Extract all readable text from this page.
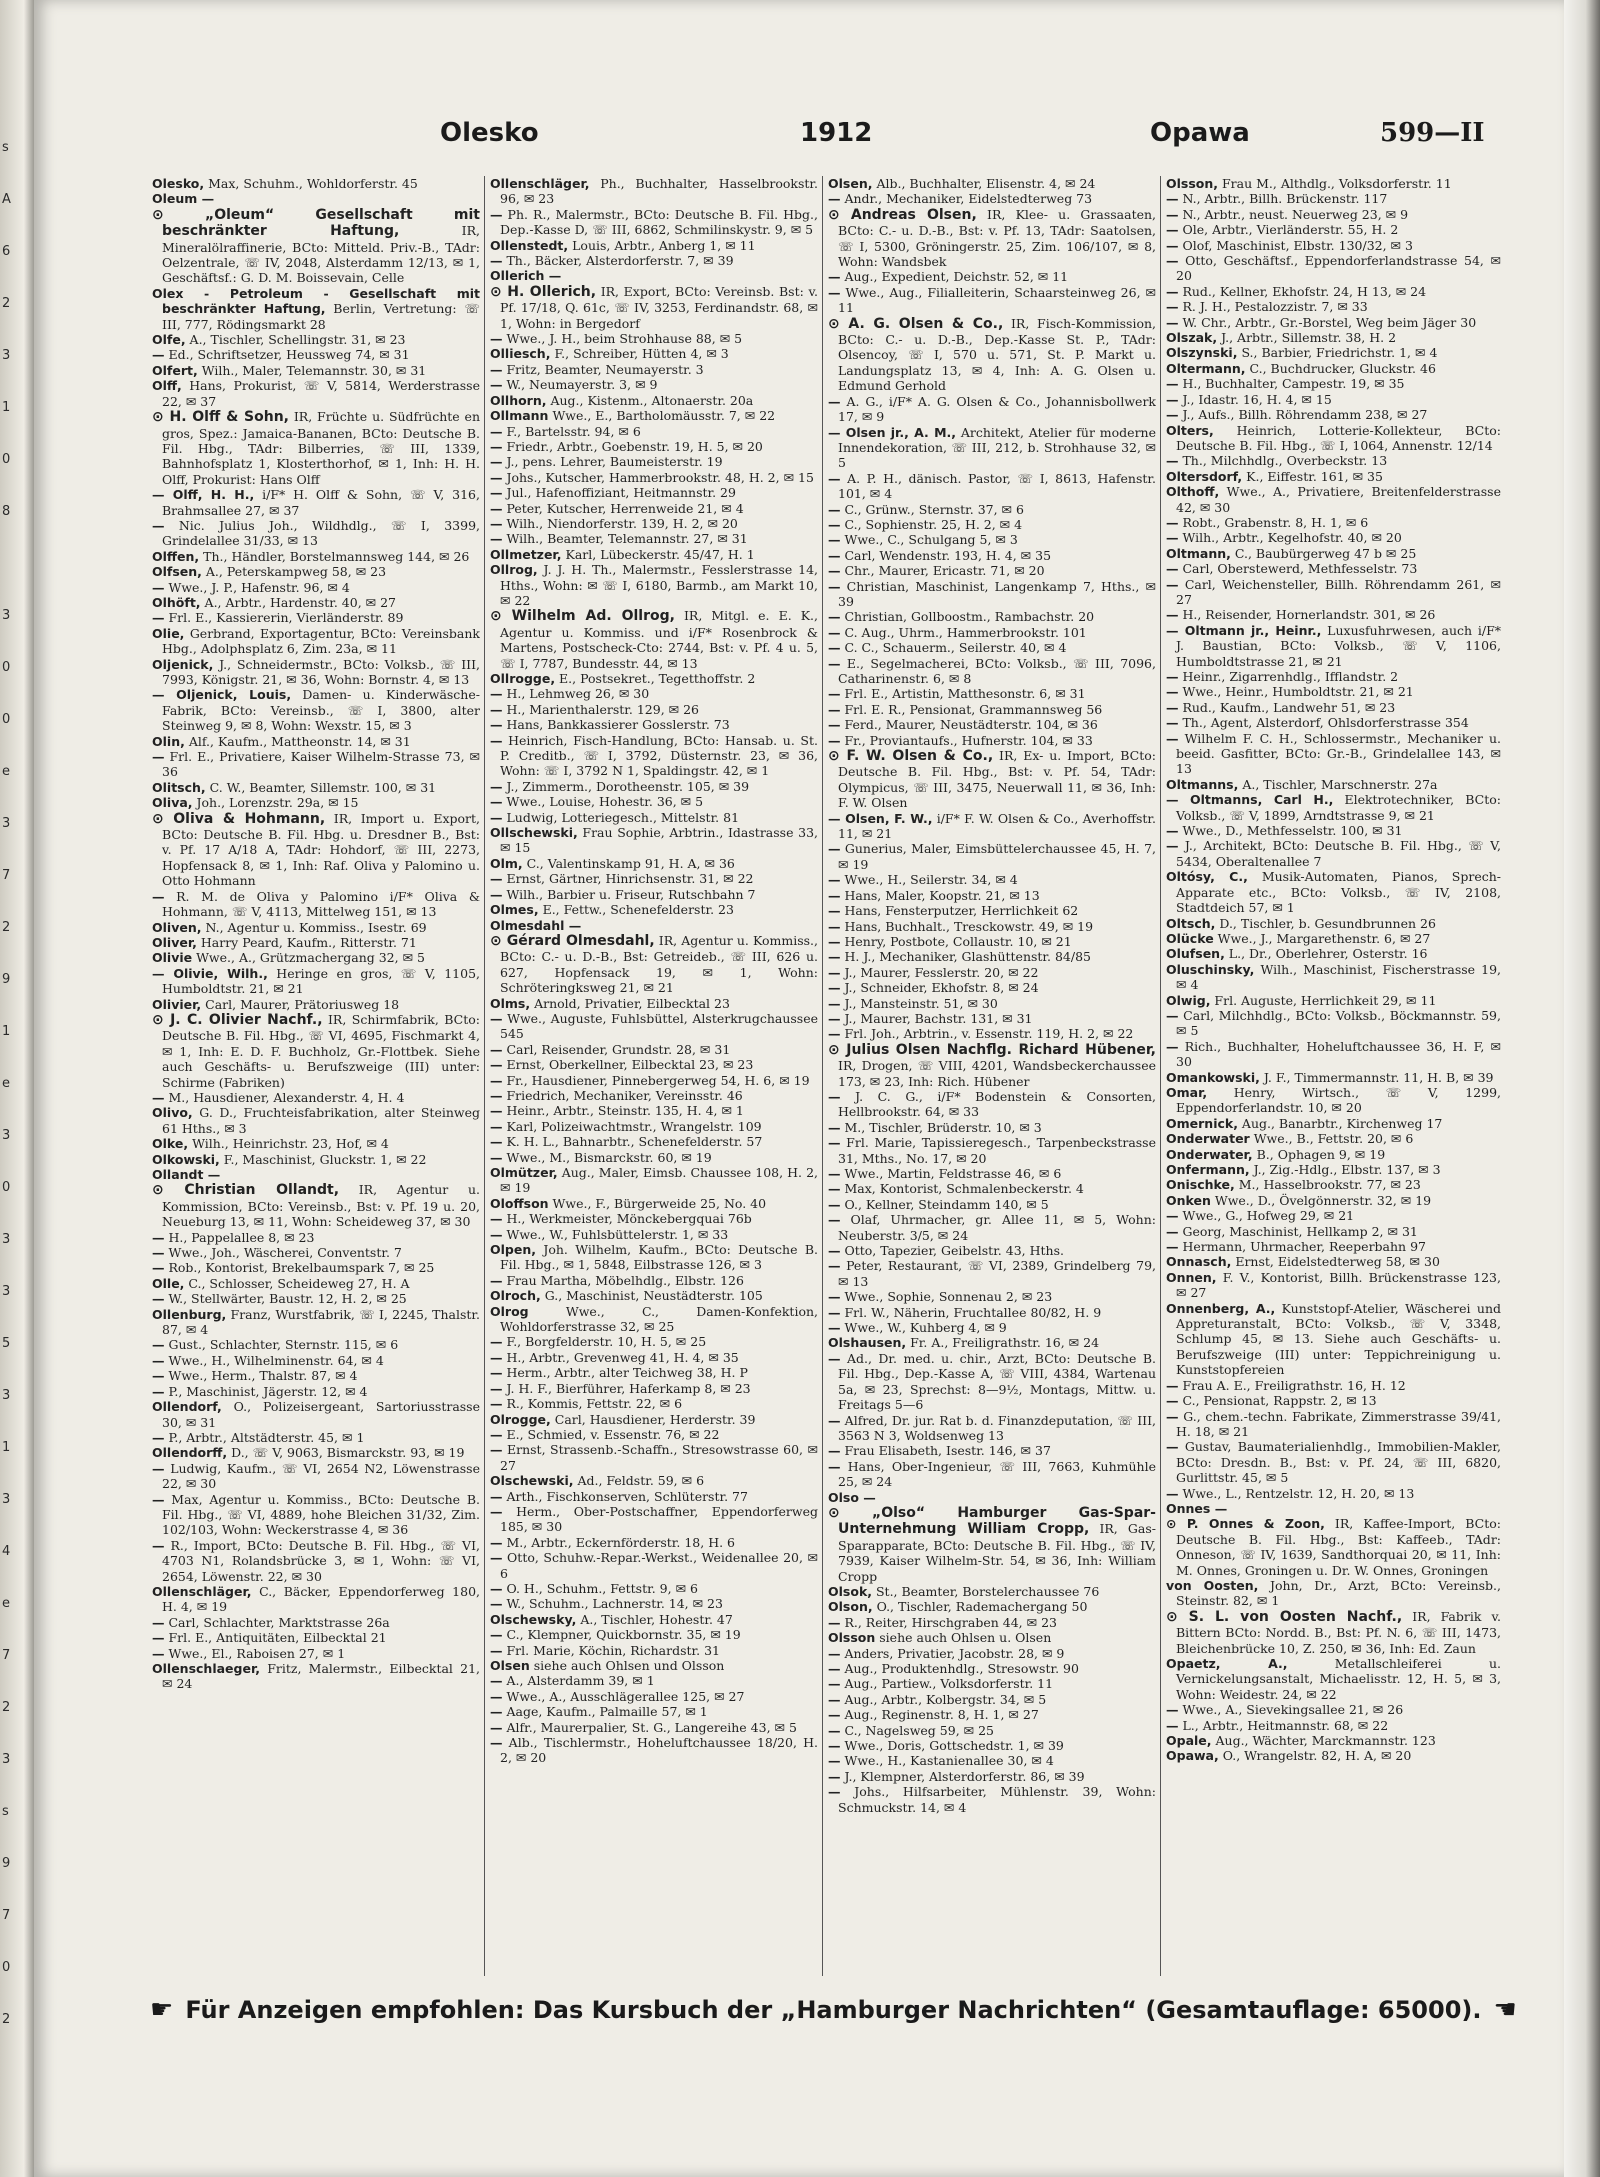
s
A
6
2
3
1
0
8
3
0
0
e
3
7
2
9
1
e
3
0
3
3
5
3
1
3
4
e
7
2
3
s
9
7
0
2
Olesko	1912	Opawa	599—II

Olesko, Max, Schuhm., Wohldorferstr. 45

Oleum —

⊙ „Oleum“ Gesellschaft mit beschränkter Haftung, IR, Mineralölraffinerie, BCto: Mitteld. Priv.-B., TAdr: Oelzentrale, ☏ IV, 2048, Alsterdamm 12/13, ✉ 1, Geschäftsf.: G. D. M. Boissevain, Celle

Olex - Petroleum - Gesellschaft mit beschränkter Haftung, Berlin, Vertretung: ☏ III, 777, Rödingsmarkt 28

Olfe, A., Tischler, Schellingstr. 31, ✉ 23

— Ed., Schriftsetzer, Heussweg 74, ✉ 31

Olfert, Wilh., Maler, Telemannstr. 30, ✉ 31

Olff, Hans, Prokurist, ☏ V, 5814, Werderstrasse 22, ✉ 37

⊙ H. Olff & Sohn, IR, Früchte u. Südfrüchte en gros, Spez.: Jamaica-Bananen, BCto: Deutsche B. Fil. Hbg., TAdr: Bilberries, ☏ III, 1339, Bahnhofsplatz 1, Klosterthorhof, ✉ 1, Inh: H. H. Olff, Prokurist: Hans Olff

— Olff, H. H., i/F* H. Olff & Sohn, ☏ V, 316, Brahmsallee 27, ✉ 37

— Nic. Julius Joh., Wildhdlg., ☏ I, 3399, Grindelallee 31/33, ✉ 13

Olffen, Th., Händler, Borstelmannsweg 144, ✉ 26

Olfsen, A., Peterskampweg 58, ✉ 23

— Wwe., J. P., Hafenstr. 96, ✉ 4

Olhöft, A., Arbtr., Hardenstr. 40, ✉ 27

— Frl. E., Kassiererin, Vierländerstr. 89

Olie, Gerbrand, Exportagentur, BCto: Vereinsbank Hbg., Adolphsplatz 6, Zim. 23a, ✉ 11

Oljenick, J., Schneidermstr., BCto: Volksb., ☏ III, 7993, Königstr. 21, ✉ 36, Wohn: Bornstr. 4, ✉ 13

— Oljenick, Louis, Damen- u. Kinderwäsche-Fabrik, BCto: Vereinsb., ☏ I, 3800, alter Steinweg 9, ✉ 8, Wohn: Wexstr. 15, ✉ 3

Olin, Alf., Kaufm., Mattheonstr. 14, ✉ 31

— Frl. E., Privatiere, Kaiser Wilhelm-Strasse 73, ✉ 36

Olitsch, C. W., Beamter, Sillemstr. 100, ✉ 31

Oliva, Joh., Lorenzstr. 29a, ✉ 15

⊙ Oliva & Hohmann, IR, Import u. Export, BCto: Deutsche B. Fil. Hbg. u. Dresdner B., Bst: v. Pf. 17 A/18 A, TAdr: Hohdorf, ☏ III, 2273, Hopfensack 8, ✉ 1, Inh: Raf. Oliva y Palomino u. Otto Hohmann

— R. M. de Oliva y Palomino i/F* Oliva & Hohmann, ☏ V, 4113, Mittelweg 151, ✉ 13

Oliven, N., Agentur u. Kommiss., Isestr. 69

Oliver, Harry Peard, Kaufm., Ritterstr. 71

Olivie Wwe., A., Grützmachergang 32, ✉ 5

— Olivie, Wilh., Heringe en gros, ☏ V, 1105, Humboldtstr. 21, ✉ 21

Olivier, Carl, Maurer, Prätoriusweg 18

⊙ J. C. Olivier Nachf., IR, Schirmfabrik, BCto: Deutsche B. Fil. Hbg., ☏ VI, 4695, Fischmarkt 4, ✉ 1, Inh: E. D. F. Buchholz, Gr.-Flottbek. Siehe auch Geschäfts- u. Berufszweige (III) unter: Schirme (Fabriken)

— M., Hausdiener, Alexanderstr. 4, H. 4

Olivo, G. D., Fruchteisfabrikation, alter Steinweg 61 Hths., ✉ 3

Olke, Wilh., Heinrichstr. 23, Hof, ✉ 4

Olkowski, F., Maschinist, Gluckstr. 1, ✉ 22

Ollandt —

⊙ Christian Ollandt, IR, Agentur u. Kommission, BCto: Vereinsb., Bst: v. Pf. 19 u. 20, Neueburg 13, ✉ 11, Wohn: Scheideweg 37, ✉ 30

— H., Pappelallee 8, ✉ 23

— Wwe., Joh., Wäscherei, Conventstr. 7

— Rob., Kontorist, Brekelbaumspark 7, ✉ 25

Olle, C., Schlosser, Scheideweg 27, H. A

— W., Stellwärter, Baustr. 12, H. 2, ✉ 25

Ollenburg, Franz, Wurstfabrik, ☏ I, 2245, Thalstr. 87, ✉ 4

— Gust., Schlachter, Sternstr. 115, ✉ 6

— Wwe., H., Wilhelminenstr. 64, ✉ 4

— Wwe., Herm., Thalstr. 87, ✉ 4

— P., Maschinist, Jägerstr. 12, ✉ 4

Ollendorf, O., Polizeisergeant, Sartoriusstrasse 30, ✉ 31

— P., Arbtr., Altstädterstr. 45, ✉ 1

Ollendorff, D., ☏ V, 9063, Bismarckstr. 93, ✉ 19

— Ludwig, Kaufm., ☏ VI, 2654 N2, Löwenstrasse 22, ✉ 30

— Max, Agentur u. Kommiss., BCto: Deutsche B. Fil. Hbg., ☏ VI, 4889, hohe Bleichen 31/32, Zim. 102/103, Wohn: Weckerstrasse 4, ✉ 36

— R., Import, BCto: Deutsche B. Fil. Hbg., ☏ VI, 4703 N1, Rolandsbrücke 3, ✉ 1, Wohn: ☏ VI, 2654, Löwenstr. 22, ✉ 30

Ollenschläger, C., Bäcker, Eppendorferweg 180, H. 4, ✉ 19

— Carl, Schlachter, Marktstrasse 26a

— Frl. E., Antiquitäten, Eilbecktal 21

— Wwe., El., Raboisen 27, ✉ 1

Ollenschlaeger, Fritz, Malermstr., Eilbecktal 21, ✉ 24

Ollenschläger, Ph., Buchhalter, Hasselbrookstr. 96, ✉ 23

— Ph. R., Malermstr., BCto: Deutsche B. Fil. Hbg., Dep.-Kasse D, ☏ III, 6862, Schmilinskystr. 9, ✉ 5

Ollenstedt, Louis, Arbtr., Anberg 1, ✉ 11

— Th., Bäcker, Alsterdorferstr. 7, ✉ 39

Ollerich —

⊙ H. Ollerich, IR, Export, BCto: Vereinsb. Bst: v. Pf. 17/18, Q. 61c, ☏ IV, 3253, Ferdinandstr. 68, ✉ 1, Wohn: in Bergedorf

— Wwe., J. H., beim Strohhause 88, ✉ 5

Olliesch, F., Schreiber, Hütten 4, ✉ 3

— Fritz, Beamter, Neumayerstr. 3

— W., Neumayerstr. 3, ✉ 9

Ollhorn, Aug., Kistenm., Altonaerstr. 20a

Ollmann Wwe., E., Bartholomäusstr. 7, ✉ 22

— F., Bartelsstr. 94, ✉ 6

— Friedr., Arbtr., Goebenstr. 19, H. 5, ✉ 20

— J., pens. Lehrer, Baumeisterstr. 19

— Johs., Kutscher, Hammerbrookstr. 48, H. 2, ✉ 15

— Jul., Hafenoffiziant, Heitmannstr. 29

— Peter, Kutscher, Herrenweide 21, ✉ 4

— Wilh., Niendorferstr. 139, H. 2, ✉ 20

— Wilh., Beamter, Telemannstr. 27, ✉ 31

Ollmetzer, Karl, Lübeckerstr. 45/47, H. 1

Ollrog, J. J. H. Th., Malermstr., Fesslerstrasse 14, Hths., Wohn: ✉ ☏ I, 6180, Barmb., am Markt 10, ✉ 22

⊙ Wilhelm Ad. Ollrog, IR, Mitgl. e. E. K., Agentur u. Kommiss. und i/F* Rosenbrock & Martens, Postscheck-Cto: 2744, Bst: v. Pf. 4 u. 5, ☏ I, 7787, Bundesstr. 44, ✉ 13

Ollrogge, E., Postsekret., Tegetthoffstr. 2

— H., Lehmweg 26, ✉ 30

— H., Marienthalerstr. 129, ✉ 26

— Hans, Bankkassierer Gosslerstr. 73

— Heinrich, Fisch-Handlung, BCto: Hansab. u. St. P. Creditb., ☏ I, 3792, Düsternstr. 23, ✉ 36, Wohn: ☏ I, 3792 N 1, Spaldingstr. 42, ✉ 1

— J., Zimmerm., Dorotheenstr. 105, ✉ 39

— Wwe., Louise, Hohestr. 36, ✉ 5

— Ludwig, Lotteriegesch., Mittelstr. 81

Ollschewski, Frau Sophie, Arbtrin., Idastrasse 33, ✉ 15

Olm, C., Valentinskamp 91, H. A, ✉ 36

— Ernst, Gärtner, Hinrichsenstr. 31, ✉ 22

— Wilh., Barbier u. Friseur, Rutschbahn 7

Olmes, E., Fettw., Schenefelderstr. 23

Olmesdahl —

⊙ Gérard Olmesdahl, IR, Agentur u. Kommiss., BCto: C.- u. D.-B., Bst: Getreideb., ☏ III, 626 u. 627, Hopfensack 19, ✉ 1, Wohn: Schröteringksweg 21, ✉ 21

Olms, Arnold, Privatier, Eilbecktal 23

— Wwe., Auguste, Fuhlsbüttel, Alsterkrugchaussee 545

— Carl, Reisender, Grundstr. 28, ✉ 31

— Ernst, Oberkellner, Eilbecktal 23, ✉ 23

— Fr., Hausdiener, Pinnebergerweg 54, H. 6, ✉ 19

— Friedrich, Mechaniker, Vereinsstr. 46

— Heinr., Arbtr., Steinstr. 135, H. 4, ✉ 1

— Karl, Polizeiwachtmstr., Wrangelstr. 109

— K. H. L., Bahnarbtr., Schenefelderstr. 57

— Wwe., M., Bismarckstr. 60, ✉ 19

Olmützer, Aug., Maler, Eimsb. Chaussee 108, H. 2, ✉ 19

Oloffson Wwe., F., Bürgerweide 25, No. 40

— H., Werkmeister, Mönckebergquai 76b

— Wwe., W., Fuhlsbüttelerstr. 1, ✉ 33

Olpen, Joh. Wilhelm, Kaufm., BCto: Deutsche B. Fil. Hbg., ✉ 1, 5848, Eilbstrasse 126, ✉ 3

— Frau Martha, Möbelhdlg., Elbstr. 126

Olroch, G., Maschinist, Neustädterstr. 105

Olrog Wwe., C., Damen-Konfektion, Wohldorferstrasse 32, ✉ 25

— F., Borgfelderstr. 10, H. 5, ✉ 25

— H., Arbtr., Grevenweg 41, H. 4, ✉ 35

— Herm., Arbtr., alter Teichweg 38, H. P

— J. H. F., Bierführer, Haferkamp 8, ✉ 23

— R., Kommis, Fettstr. 22, ✉ 6

Olrogge, Carl, Hausdiener, Herderstr. 39

— E., Schmied, v. Essenstr. 76, ✉ 22

— Ernst, Strassenb.-Schaffn., Stresowstrasse 60, ✉ 27

Olschewski, Ad., Feldstr. 59, ✉ 6

— Arth., Fischkonserven, Schlüterstr. 77

— Herm., Ober-Postschaffner, Eppendorferweg 185, ✉ 30

— M., Arbtr., Eckernförderstr. 18, H. 6

— Otto, Schuhw.-Repar.-Werkst., Weidenallee 20, ✉ 6

— O. H., Schuhm., Fettstr. 9, ✉ 6

— W., Schuhm., Lachnerstr. 14, ✉ 23

Olschewsky, A., Tischler, Hohestr. 47

— C., Klempner, Quickbornstr. 35, ✉ 19

— Frl. Marie, Köchin, Richardstr. 31

Olsen siehe auch Ohlsen und Olsson

— A., Alsterdamm 39, ✉ 1

— Wwe., A., Ausschlägerallee 125, ✉ 27

— Aage, Kaufm., Palmaille 57, ✉ 1

— Alfr., Maurerpalier, St. G., Langereihe 43, ✉ 5

— Alb., Tischlermstr., Hoheluftchaussee 18/20, H. 2, ✉ 20

Olsen, Alb., Buchhalter, Elisenstr. 4, ✉ 24

— Andr., Mechaniker, Eidelstedterweg 73

⊙ Andreas Olsen, IR, Klee- u. Grassaaten, BCto: C.- u. D.-B., Bst: v. Pf. 13, TAdr: Saatolsen, ☏ I, 5300, Gröningerstr. 25, Zim. 106/107, ✉ 8, Wohn: Wandsbek

— Aug., Expedient, Deichstr. 52, ✉ 11

— Wwe., Aug., Filialleiterin, Schaarsteinweg 26, ✉ 11

⊙ A. G. Olsen & Co., IR, Fisch-Kommission, BCto: C.- u. D.-B., Dep.-Kasse St. P., TAdr: Olsencoy, ☏ I, 570 u. 571, St. P. Markt u. Landungsplatz 13, ✉ 4, Inh: A. G. Olsen u. Edmund Gerhold

— A. G., i/F* A. G. Olsen & Co., Johannisbollwerk 17, ✉ 9

— Olsen jr., A. M., Architekt, Atelier für moderne Innendekoration, ☏ III, 212, b. Strohhause 32, ✉ 5

— A. P. H., dänisch. Pastor, ☏ I, 8613, Hafenstr. 101, ✉ 4

— C., Grünw., Sternstr. 37, ✉ 6

— C., Sophienstr. 25, H. 2, ✉ 4

— Wwe., C., Schulgang 5, ✉ 3

— Carl, Wendenstr. 193, H. 4, ✉ 35

— Chr., Maurer, Ericastr. 71, ✉ 20

— Christian, Maschinist, Langenkamp 7, Hths., ✉ 39

— Christian, Gollboostm., Rambachstr. 20

— C. Aug., Uhrm., Hammerbrookstr. 101

— C. C., Schauerm., Seilerstr. 40, ✉ 4

— E., Segelmacherei, BCto: Volksb., ☏ III, 7096, Catharinenstr. 6, ✉ 8

— Frl. E., Artistin, Matthesonstr. 6, ✉ 31

— Frl. E. R., Pensionat, Grammannsweg 56

— Ferd., Maurer, Neustädterstr. 104, ✉ 36

— Fr., Proviantaufs., Hufnerstr. 104, ✉ 33

⊙ F. W. Olsen & Co., IR, Ex- u. Import, BCto: Deutsche B. Fil. Hbg., Bst: v. Pf. 54, TAdr: Olympicus, ☏ III, 3475, Neuerwall 11, ✉ 36, Inh: F. W. Olsen

— Olsen, F. W., i/F* F. W. Olsen & Co., Averhoffstr. 11, ✉ 21

— Gunerius, Maler, Eimsbüttelerchaussee 45, H. 7, ✉ 19

— Wwe., H., Seilerstr. 34, ✉ 4

— Hans, Maler, Koopstr. 21, ✉ 13

— Hans, Fensterputzer, Herrlichkeit 62

— Hans, Buchhalt., Tresckowstr. 49, ✉ 19

— Henry, Postbote, Collaustr. 10, ✉ 21

— H. J., Mechaniker, Glashüttenstr. 84/85

— J., Maurer, Fesslerstr. 20, ✉ 22

— J., Schneider, Ekhofstr. 8, ✉ 24

— J., Mansteinstr. 51, ✉ 30

— J., Maurer, Bachstr. 131, ✉ 31

— Frl. Joh., Arbtrin., v. Essenstr. 119, H. 2, ✉ 22

⊙ Julius Olsen Nachflg. Richard Hübener, IR, Drogen, ☏ VIII, 4201, Wandsbeckerchaussee 173, ✉ 23, Inh: Rich. Hübener

— J. C. G., i/F* Bodenstein & Consorten, Hellbrookstr. 64, ✉ 33

— M., Tischler, Brüderstr. 10, ✉ 3

— Frl. Marie, Tapissieregesch., Tarpenbeckstrasse 31, Mths., No. 17, ✉ 20

— Wwe., Martin, Feldstrasse 46, ✉ 6

— Max, Kontorist, Schmalenbeckerstr. 4

— O., Kellner, Steindamm 140, ✉ 5

— Olaf, Uhrmacher, gr. Allee 11, ✉ 5, Wohn: Neuberstr. 3/5, ✉ 24

— Otto, Tapezier, Geibelstr. 43, Hths.

— Peter, Restaurant, ☏ VI, 2389, Grindelberg 79, ✉ 13

— Wwe., Sophie, Sonnenau 2, ✉ 23

— Frl. W., Näherin, Fruchtallee 80/82, H. 9

— Wwe., W., Kuhberg 4, ✉ 9

Olshausen, Fr. A., Freiligrathstr. 16, ✉ 24

— Ad., Dr. med. u. chir., Arzt, BCto: Deutsche B. Fil. Hbg., Dep.-Kasse A, ☏ VIII, 4384, Wartenau 5a, ✉ 23, Sprechst: 8—9½, Montags, Mittw. u. Freitags 5—6

— Alfred, Dr. jur. Rat b. d. Finanzdeputation, ☏ III, 3563 N 3, Woldsenweg 13

— Frau Elisabeth, Isestr. 146, ✉ 37

— Hans, Ober-Ingenieur, ☏ III, 7663, Kuhmühle 25, ✉ 24

Olso —

⊙ „Olso“ Hamburger Gas-Spar-Unternehmung William Cropp, IR, Gas-Sparapparate, BCto: Deutsche B. Fil. Hbg., ☏ IV, 7939, Kaiser Wilhelm-Str. 54, ✉ 36, Inh: William Cropp

Olsok, St., Beamter, Borstelerchaussee 76

Olson, O., Tischler, Rademachergang 50

— R., Reiter, Hirschgraben 44, ✉ 23

Olsson siehe auch Ohlsen u. Olsen

— Anders, Privatier, Jacobstr. 28, ✉ 9

— Aug., Produktenhdlg., Stresowstr. 90

— Aug., Partiew., Volksdorferstr. 11

— Aug., Arbtr., Kolbergstr. 34, ✉ 5

— Aug., Reginenstr. 8, H. 1, ✉ 27

— C., Nagelsweg 59, ✉ 25

— Wwe., Doris, Gottschedstr. 1, ✉ 39

— Wwe., H., Kastanienallee 30, ✉ 4

— J., Klempner, Alsterdorferstr. 86, ✉ 39

— Johs., Hilfsarbeiter, Mühlenstr. 39, Wohn: Schmuckstr. 14, ✉ 4

Olsson, Frau M., Althdlg., Volksdorferstr. 11

— N., Arbtr., Billh. Brückenstr. 117

— N., Arbtr., neust. Neuerweg 23, ✉ 9

— Ole, Arbtr., Vierländerstr. 55, H. 2

— Olof, Maschinist, Elbstr. 130/32, ✉ 3

— Otto, Geschäftsf., Eppendorferlandstrasse 54, ✉ 20

— Rud., Kellner, Ekhofstr. 24, H 13, ✉ 24

— R. J. H., Pestalozzistr. 7, ✉ 33

— W. Chr., Arbtr., Gr.-Borstel, Weg beim Jäger 30

Olszak, J., Arbtr., Sillemstr. 38, H. 2

Olszynski, S., Barbier, Friedrichstr. 1, ✉ 4

Oltermann, C., Buchdrucker, Gluckstr. 46

— H., Buchhalter, Campestr. 19, ✉ 35

— J., Idastr. 16, H. 4, ✉ 15

— J., Aufs., Billh. Röhrendamm 238, ✉ 27

Olters, Heinrich, Lotterie-Kollekteur, BCto: Deutsche B. Fil. Hbg., ☏ I, 1064, Annenstr. 12/14

— Th., Milchhdlg., Overbeckstr. 13

Oltersdorf, K., Eiffestr. 161, ✉ 35

Olthoff, Wwe., A., Privatiere, Breitenfelderstrasse 42, ✉ 30

— Robt., Grabenstr. 8, H. 1, ✉ 6

— Wilh., Arbtr., Kegelhofstr. 40, ✉ 20

Oltmann, C., Baubürgerweg 47 b ✉ 25

— Carl, Oberstewerd, Methfesselstr. 73

— Carl, Weichensteller, Billh. Röhrendamm 261, ✉ 27

— H., Reisender, Hornerlandstr. 301, ✉ 26

— Oltmann jr., Heinr., Luxusfuhrwesen, auch i/F* J. Baustian, BCto: Volksb., ☏ V, 1106, Humboldtstrasse 21, ✉ 21

— Heinr., Zigarrenhdlg., Ifflandstr. 2

— Wwe., Heinr., Humboldtstr. 21, ✉ 21

— Rud., Kaufm., Landwehr 51, ✉ 23

— Th., Agent, Alsterdorf, Ohlsdorferstrasse 354

— Wilhelm F. C. H., Schlossermstr., Mechaniker u. beeid. Gasfitter, BCto: Gr.-B., Grindelallee 143, ✉ 13

Oltmanns, A., Tischler, Marschnerstr. 27a

— Oltmanns, Carl H., Elektrotechniker, BCto: Volksb., ☏ V, 1899, Arndtstrasse 9, ✉ 21

— Wwe., D., Methfesselstr. 100, ✉ 31

— J., Architekt, BCto: Deutsche B. Fil. Hbg., ☏ V, 5434, Oberaltenallee 7

Oltósy, C., Musik-Automaten, Pianos, Sprech-Apparate etc., BCto: Volksb., ☏ IV, 2108, Stadtdeich 57, ✉ 1

Oltsch, D., Tischler, b. Gesundbrunnen 26

Olücke Wwe., J., Margarethenstr. 6, ✉ 27

Olufsen, L., Dr., Oberlehrer, Osterstr. 16

Oluschinsky, Wilh., Maschinist, Fischerstrasse 19, ✉ 4

Olwig, Frl. Auguste, Herrlichkeit 29, ✉ 11

— Carl, Milchhdlg., BCto: Volksb., Böckmannstr. 59, ✉ 5

— Rich., Buchhalter, Hoheluftchaussee 36, H. F, ✉ 30

Omankowski, J. F., Timmermannstr. 11, H. B, ✉ 39

Omar, Henry, Wirtsch., ☏ V, 1299, Eppendorferlandstr. 10, ✉ 20

Omernick, Aug., Banarbtr., Kirchenweg 17

Onderwater Wwe., B., Fettstr. 20, ✉ 6

Onderwater, B., Ophagen 9, ✉ 19

Onfermann, J., Zig.-Hdlg., Elbstr. 137, ✉ 3

Onischke, M., Hasselbrookstr. 77, ✉ 23

Onken Wwe., D., Övelgönnerstr. 32, ✉ 19

— Wwe., G., Hofweg 29, ✉ 21

— Georg, Maschinist, Hellkamp 2, ✉ 31

— Hermann, Uhrmacher, Reeperbahn 97

Onnasch, Ernst, Eidelstedterweg 58, ✉ 30

Onnen, F. V., Kontorist, Billh. Brückenstrasse 123, ✉ 27

Onnenberg, A., Kunststopf-Atelier, Wäscherei und Appreturanstalt, BCto: Volksb., ☏ V, 3348, Schlump 45, ✉ 13. Siehe auch Geschäfts- u. Berufszweige (III) unter: Teppichreinigung u. Kunststopfereien

— Frau A. E., Freiligrathstr. 16, H. 12

— C., Pensionat, Rappstr. 2, ✉ 13

— G., chem.-techn. Fabrikate, Zimmerstrasse 39/41, H. 18, ✉ 21

— Gustav, Baumaterialienhdlg., Immobilien-Makler, BCto: Dresdn. B., Bst: v. Pf. 24, ☏ III, 6820, Gurlittstr. 45, ✉ 5

— Wwe., L., Rentzelstr. 12, H. 20, ✉ 13

Onnes —

⊙ P. Onnes & Zoon, IR, Kaffee-Import, BCto: Deutsche B. Fil. Hbg., Bst: Kaffeeb., TAdr: Onneson, ☏ IV, 1639, Sandthorquai 20, ✉ 11, Inh: M. Onnes, Groningen u. Dr. W. Onnes, Groningen

von Oosten, John, Dr., Arzt, BCto: Vereinsb., Steinstr. 82, ✉ 1

⊙ S. L. von Oosten Nachf., IR, Fabrik v. Bittern BCto: Nordd. B., Bst: Pf. N. 6, ☏ III, 1473, Bleichenbrücke 10, Z. 250, ✉ 36, Inh: Ed. Zaun

Opaetz, A., Metallschleiferei u. Vernickelungsanstalt, Michaelisstr. 12, H. 5, ✉ 3, Wohn: Weidestr. 24, ✉ 22

— Wwe., A., Sievekingsallee 21, ✉ 26

— L., Arbtr., Heitmannstr. 68, ✉ 22

Opale, Aug., Wächter, Marckmannstr. 123

Opawa, O., Wrangelstr. 82, H. A, ✉ 20

☛ Für Anzeigen empfohlen: Das Kursbuch der „Hamburger Nachrichten“ (Gesamtauflage: 65000). ☚
